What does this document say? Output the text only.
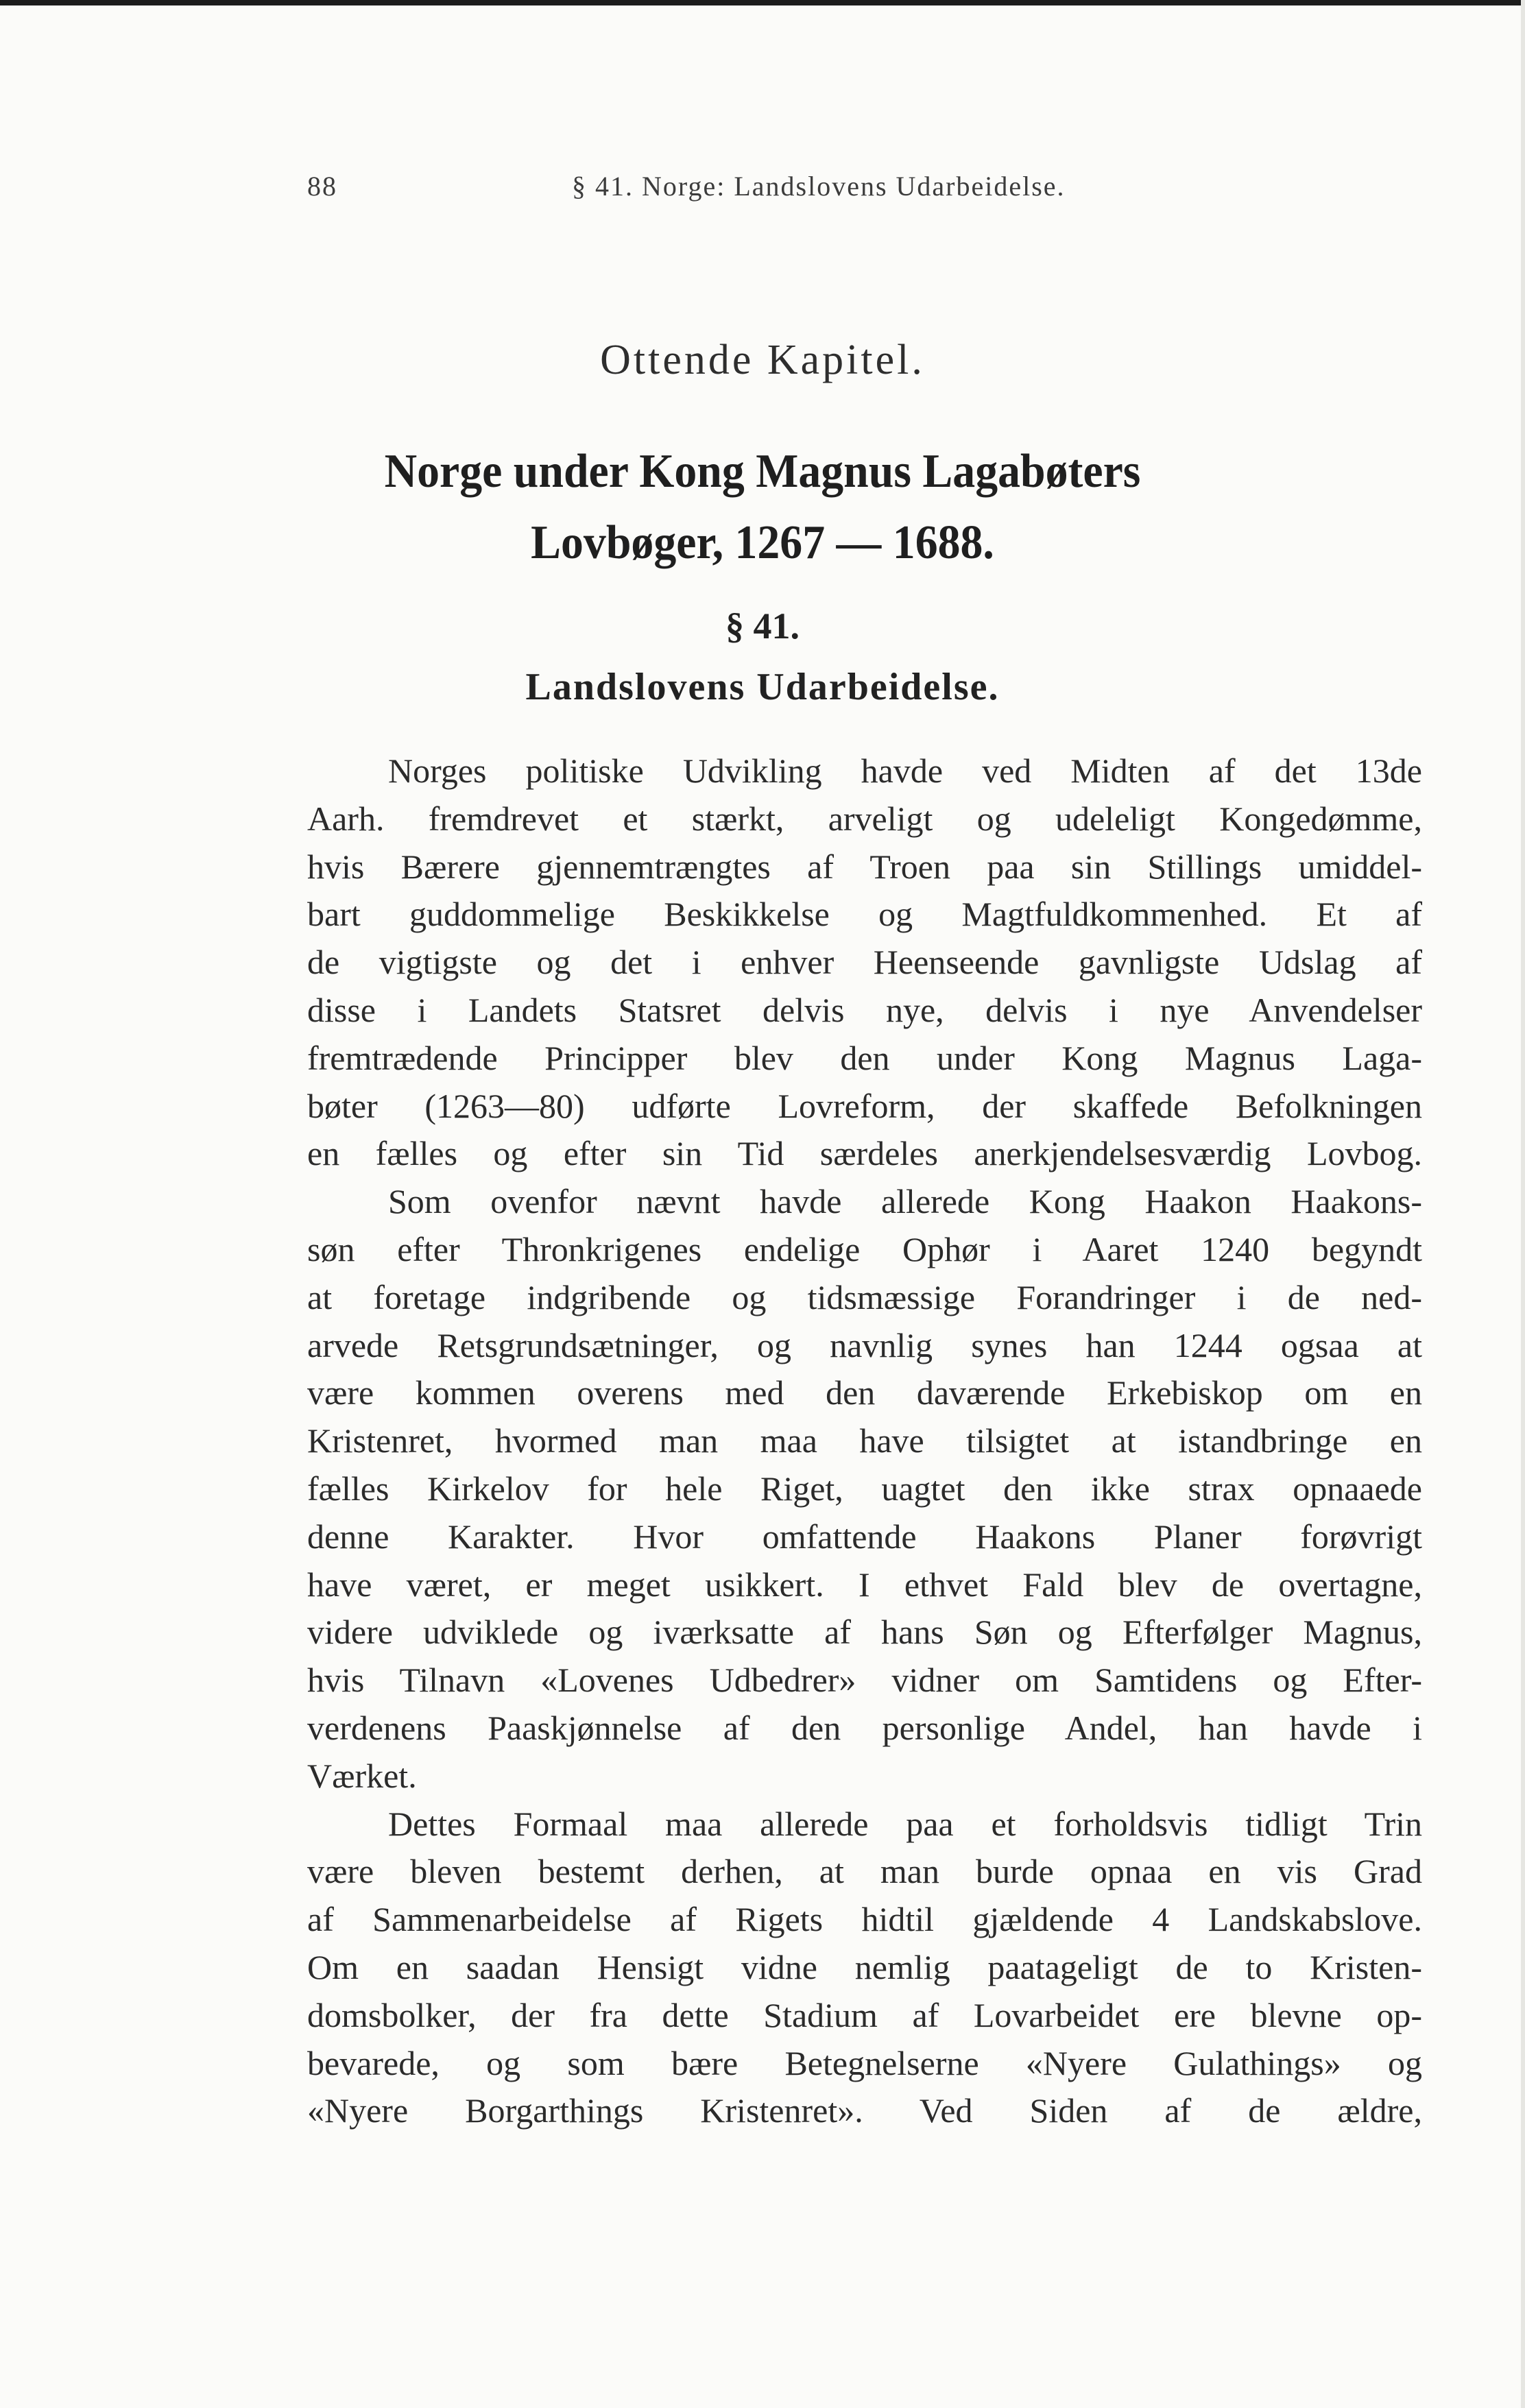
88	§ 41. Norge: Landslovens Udarbeidelse.
Ottende Kapitel.
Norge under Kong Magnus Lagabøters
Lovbøger, 1267 — 1688.
§ 41.
Landslovens Udarbeidelse.

Norges politiske Udvikling havde ved Midten af det 13de
Aarh. fremdrevet et stærkt, arveligt og udeleligt Kongedømme,
hvis Bærere gjennemtrængtes af Troen paa sin Stillings umiddel-
bart guddommelige Beskikkelse og Magtfuldkommenhed. Et af
de vigtigste og det i enhver Heenseende gavnligste Udslag af
disse i Landets Statsret delvis nye, delvis i nye Anvendelser
fremtrædende Principper blev den under Kong Magnus Laga-
bøter (1263—80) udførte Lovreform, der skaffede Befolkningen
en fælles og efter sin Tid særdeles anerkjendelsesværdig Lovbog.

Som ovenfor nævnt havde allerede Kong Haakon Haakons-
søn efter Thronkrigenes endelige Ophør i Aaret 1240 begyndt
at foretage indgribende og tidsmæssige Forandringer i de ned-
arvede Retsgrundsætninger, og navnlig synes han 1244 ogsaa at
være kommen overens med den daværende Erkebiskop om en
Kristenret, hvormed man maa have tilsigtet at istandbringe en
fælles Kirkelov for hele Riget, uagtet den ikke strax opnaaede
denne Karakter. Hvor omfattende Haakons Planer forøvrigt
have været, er meget usikkert. I ethvet Fald blev de overtagne,
videre udviklede og iværksatte af hans Søn og Efterfølger Magnus,
hvis Tilnavn «Lovenes Udbedrer» vidner om Samtidens og Efter-
verdenens Paaskjønnelse af den personlige Andel, han havde i
Værket.

Dettes Formaal maa allerede paa et forholdsvis tidligt Trin
være bleven bestemt derhen, at man burde opnaa en vis Grad
af Sammenarbeidelse af Rigets hidtil gjældende 4 Landskabslove.
Om en saadan Hensigt vidne nemlig paatageligt de to Kristen-
domsbolker, der fra dette Stadium af Lovarbeidet ere blevne op-
bevarede, og som bære Betegnelserne «Nyere Gulathings» og
«Nyere Borgarthings Kristenret». Ved Siden af de ældre,
